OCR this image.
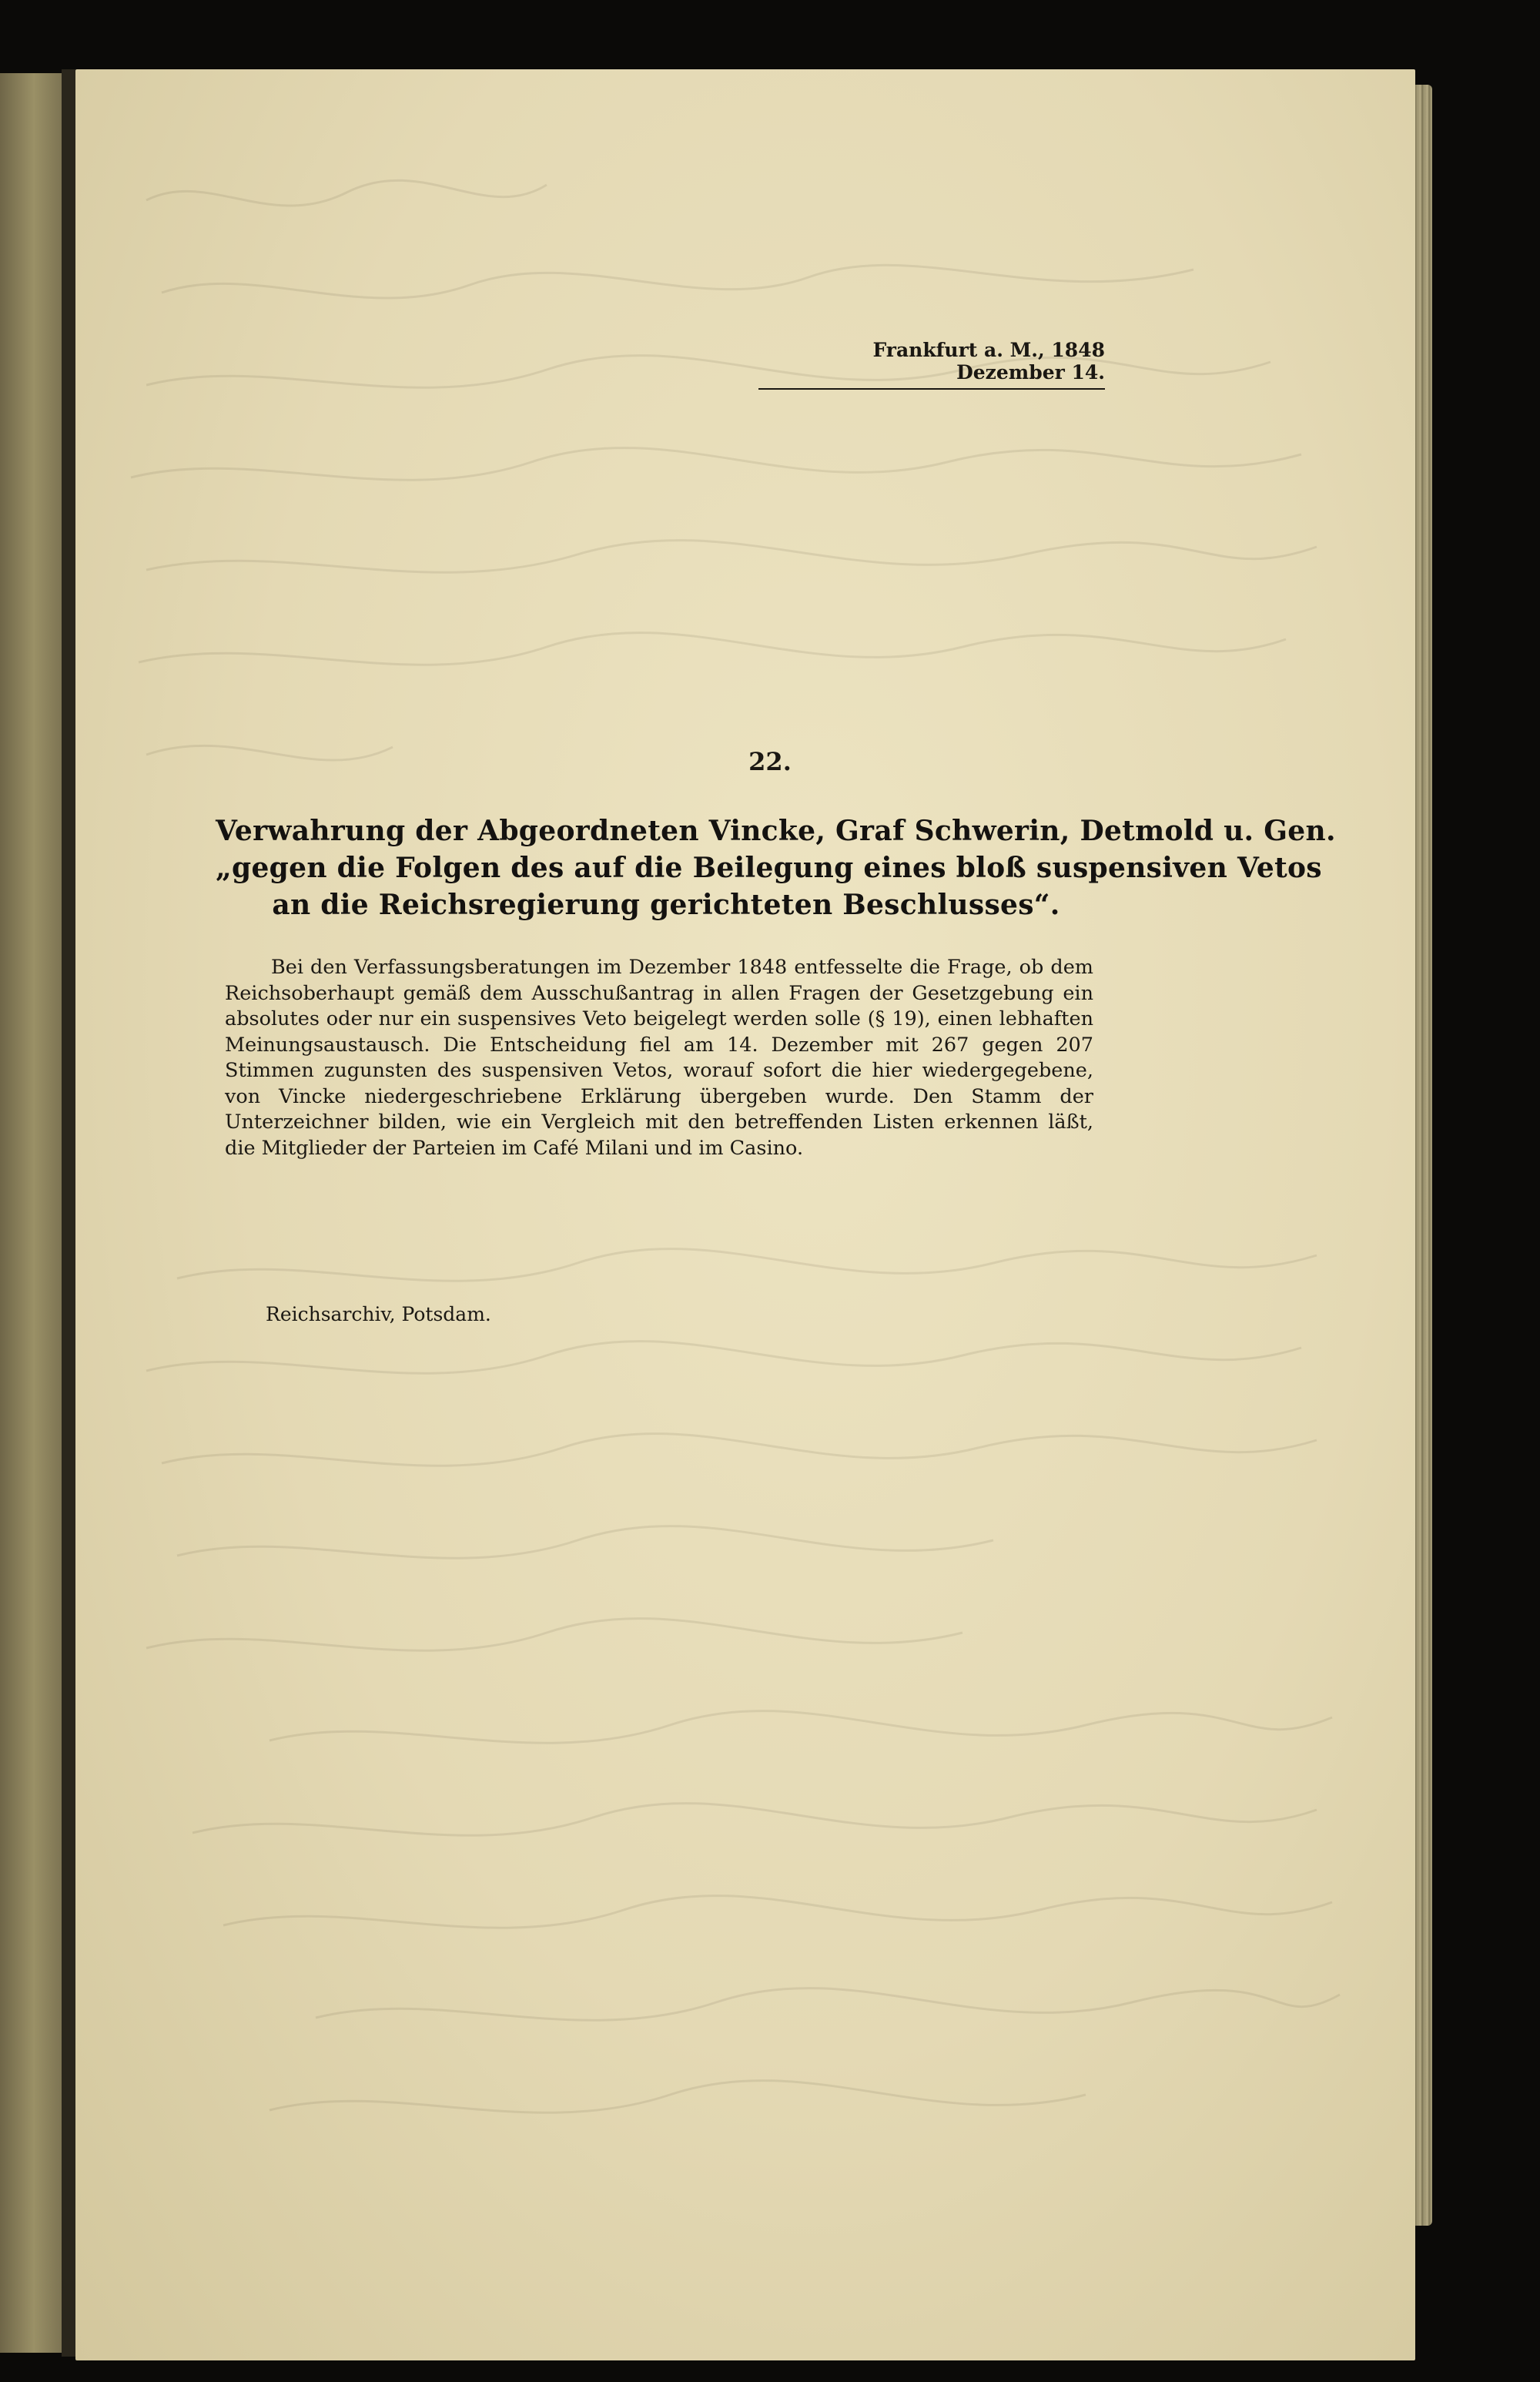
Frankfurt a. M., 1848 Dezember 14.
22.
Verwahrung der Abgeordneten Vincke, Graf Schwerin, Detmold u. Gen.
„gegen die Folgen des auf die Beilegung eines bloß suspensiven Vetos
an die Reichsregierung gerichteten Beschlusses“.

Bei den Verfassungsberatungen im Dezember 1848 entfesselte die Frage, ob dem Reichsoberhaupt gemäß dem Ausschußantrag in allen Fragen der Gesetzgebung ein absolutes oder nur ein suspensives Veto beigelegt werden solle (§ 19), einen lebhaften Meinungsaustausch. Die Entscheidung fiel am 14. Dezember mit 267 gegen 207 Stimmen zugunsten des suspensiven Vetos, worauf sofort die hier wiedergegebene, von Vincke niedergeschriebene Erklärung übergeben wurde. Den Stamm der Unterzeichner bilden, wie ein Vergleich mit den betreffenden Listen erkennen läßt, die Mitglieder der Parteien im Café Milani und im Casino.

Reichsarchiv, Potsdam.
